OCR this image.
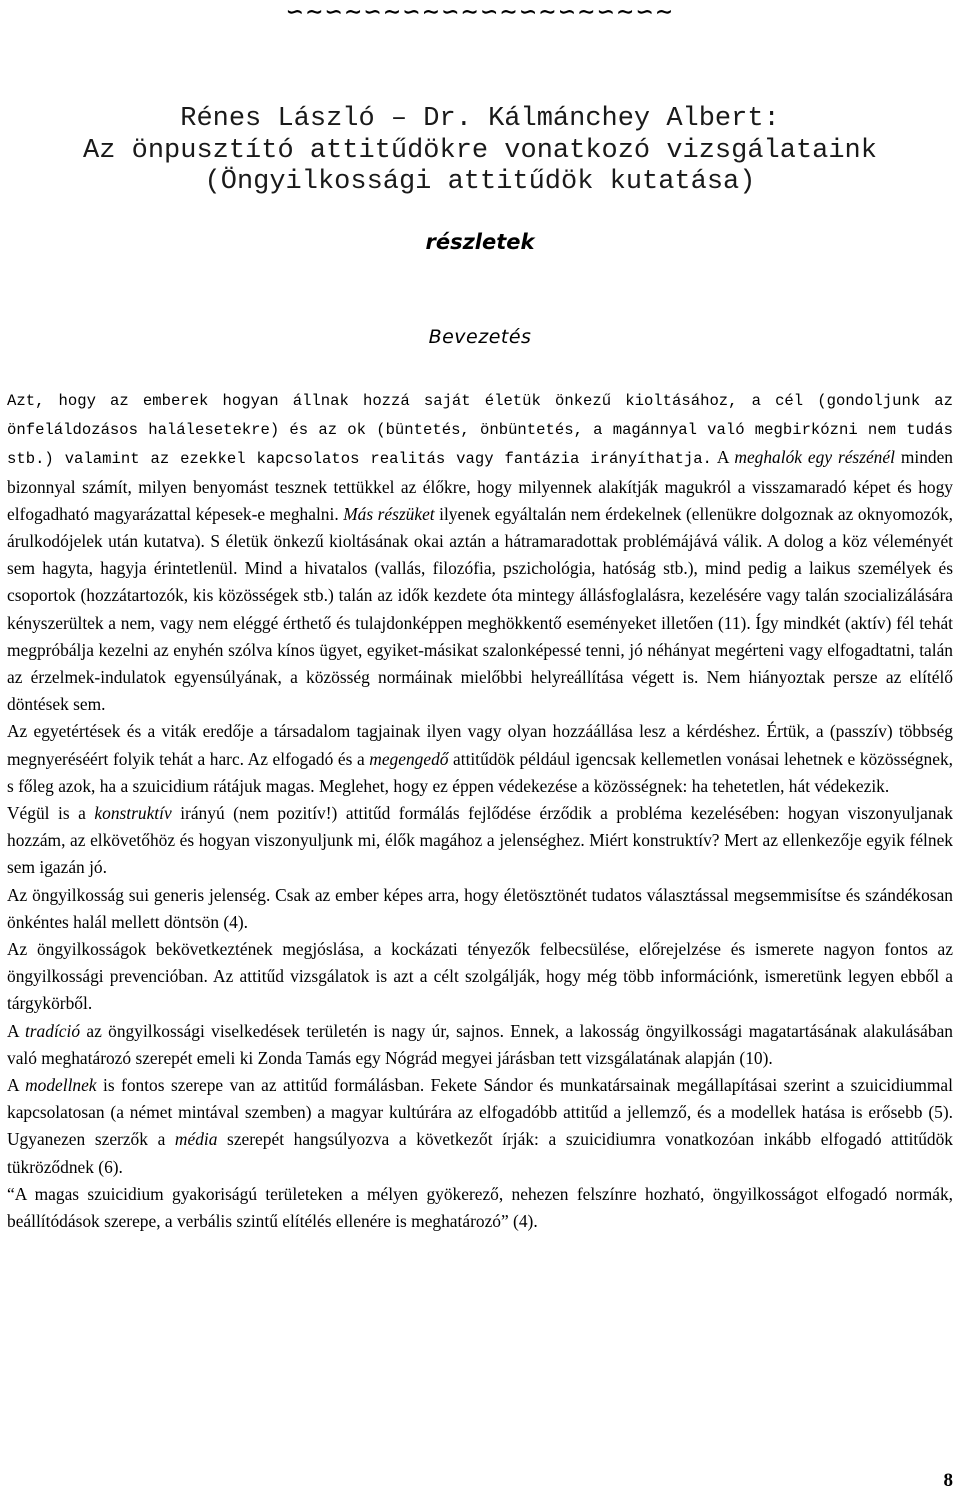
∽∼∽∼∽∼∽∼∽∼∽∼∽∼∽∼∽∼∽∼
Rénes László – Dr. Kálmánchey Albert:
Az önpusztító attitűdökre vonatkozó vizsgálataink
(Öngyilkossági attitűdök kutatása)
részletek
Bevezetés

Azt, hogy az emberek hogyan állnak hozzá saját életük önkezű kioltásához, a cél (gondoljunk az önfeláldozásos halálesetekre) és az ok (büntetés, önbüntetés, a magánnyal való megbirkózni nem tudás stb.) valamint az ezekkel kapcsolatos realitás vagy fantázia irányíthatja. A meghalók egy részénél minden bizonnyal számít, milyen benyomást tesznek tettükkel az élőkre, hogy milyennek alakítják magukról a visszamaradó képet és hogy elfogadható magyarázattal képesek-e meghalni. Más részüket ilyenek egyáltalán nem érdekelnek (ellenükre dolgoznak az oknyomozók, árulkodójelek után kutatva). S életük önkezű kioltásának okai aztán a hátramaradottak problémájává válik. A dolog a köz véleményét sem hagyta, hagyja érintetlenül. Mind a hivatalos (vallás, filozófia, pszichológia, hatóság stb.), mind pedig a laikus személyek és csoportok (hozzátartozók, kis közösségek stb.) talán az idők kezdete óta mintegy állásfoglalásra, kezelésére vagy talán szocializálására kényszerültek a nem, vagy nem eléggé érthető és tulajdonképpen meghökkentő eseményeket illetően (11). Így mindkét (aktív) fél tehát megpróbálja kezelni az enyhén szólva kínos ügyet, egyiket-másikat szalonképessé tenni, jó néhányat megérteni vagy elfogadtatni, talán az érzelmek-indulatok egyensúlyának, a közösség normáinak mielőbbi helyreállítása végett is. Nem hiányoztak persze az elítélő döntések sem.

Az egyetértések és a viták eredője a társadalom tagjainak ilyen vagy olyan hozzáállása lesz a kérdéshez. Értük, a (passzív) többség megnyeréséért folyik tehát a harc. Az elfogadó és a megengedő attitűdök például igencsak kellemetlen vonásai lehetnek e közösségnek, s főleg azok, ha a szuicidium rátájuk magas. Meglehet, hogy ez éppen védekezése a közösségnek: ha tehetetlen, hát védekezik.

Végül is a konstruktív irányú (nem pozitív!) attitűd formálás fejlődése érződik a probléma kezelésében: hogyan viszonyuljanak hozzám, az elkövetőhöz és hogyan viszonyuljunk mi, élők magához a jelenséghez. Miért konstruktív? Mert az ellenkezője egyik félnek sem igazán jó.

Az öngyilkosság sui generis jelenség. Csak az ember képes arra, hogy életösztönét tudatos választással megsemmisítse és szándékosan önkéntes halál mellett döntsön (4).

Az öngyilkosságok bekövetkeztének megjóslása, a kockázati tényezők felbecsülése, előrejelzése és ismerete nagyon fontos az öngyilkossági prevencióban. Az attitűd vizsgálatok is azt a célt szolgálják, hogy még több információnk, ismeretünk legyen ebből a tárgykörből.

A tradíció az öngyilkossági viselkedések területén is nagy úr, sajnos. Ennek, a lakosság öngyilkossági magatartásának alakulásában való meghatározó szerepét emeli ki Zonda Tamás egy Nógrád megyei járásban tett vizsgálatának alapján (10).

A modellnek is fontos szerepe van az attitűd formálásban. Fekete Sándor és munkatársainak megállapításai szerint a szuicidiummal kapcsolatosan (a német mintával szemben) a magyar kultúrára az elfogadóbb attitűd a jellemző, és a modellek hatása is erősebb (5). Ugyanezen szerzők a média szerepét hangsúlyozva a következőt írják: a szuicidiumra vonatkozóan inkább elfogadó attitűdök tükröződnek (6).

“A magas szuicidium gyakoriságú területeken a mélyen gyökerező, nehezen felszínre hozható, öngyilkosságot elfogadó normák, beállítódások szerepe, a verbális szintű elítélés ellenére is meghatározó” (4).

8
